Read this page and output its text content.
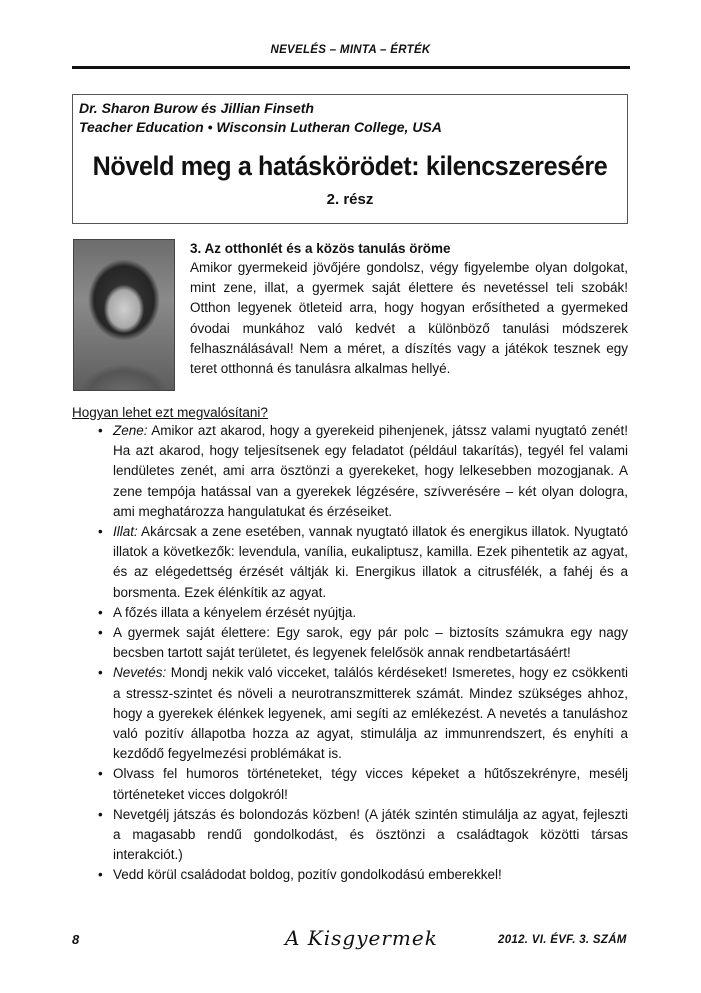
NEVELÉS – MINTA – ÉRTÉK
Dr. Sharon Burow és Jillian Finseth
Teacher Education • Wisconsin Lutheran College, USA
Növeld meg a hatáskörödet: kilencszeresére
2. rész
3. Az otthonlét és a közös tanulás öröme
Amikor gyermekeid jövőjére gondolsz, végy figyelembe olyan dolgokat, mint zene, illat, a gyermek saját élettere és nevetéssel teli szobák! Otthon legyenek ötleteid arra, hogy hogyan erősítheted a gyermeked óvodai munkához való kedvét a különböző tanulási módszerek felhasználásával! Nem a méret, a díszítés vagy a játékok tesznek egy teret otthonná és tanulásra alkalmas hellyé.
Hogyan lehet ezt megvalósítani?
• Zene: Amikor azt akarod, hogy a gyerekeid pihenjenek, játssz valami nyugtató zenét! Ha azt akarod, hogy teljesítsenek egy feladatot (például takarítás), tegyél fel valami lendületes zenét, ami arra ösztönzi a gyerekeket, hogy lelkesebben mozogjanak. A zene tempója hatással van a gyerekek légzésére, szívverésére – két olyan dologra, ami meghatározza hangulatukat és érzéseiket.
• Illat: Akárcsak a zene esetében, vannak nyugtató illatok és energikus illatok. Nyugtató illatok a következők: levendula, vanília, eukaliptusz, kamilla. Ezek pihentetik az agyat, és az elégedettség érzését váltják ki. Energikus illatok a citrusfélék, a fahéj és a borsmenta. Ezek élénkítik az agyat.
• A főzés illata a kényelem érzését nyújtja.
• A gyermek saját élettere: Egy sarok, egy pár polc – biztosíts számukra egy nagy becsben tartott saját területet, és legyenek felelősök annak rendbetartásáért!
• Nevetés: Mondj nekik való vicceket, találós kérdéseket! Ismeretes, hogy ez csökkenti a stressz-szintet és növeli a neurotranszmitterek számát. Mindez szükséges ahhoz, hogy a gyerekek élénkek legyenek, ami segíti az emlékezést. A nevetés a tanuláshoz való pozitív állapotba hozza az agyat, stimulálja az immunrendszert, és enyhíti a kezdődő fegyelmezési problémákat is.
• Olvass fel humoros történeteket, tégy vicces képeket a hűtőszekrényre, mesélj történeteket vicces dolgokról!
• Nevetgélj játszás és bolondozás közben! (A játék szintén stimulálja az agyat, fejleszti a magasabb rendű gondolkodást, és ösztönzi a családtagok közötti társas interakciót.)
• Vedd körül családodat boldog, pozitív gondolkodású emberekkel!
8	A Kisgyermek	2012. VI. ÉVF. 3. SZÁM
